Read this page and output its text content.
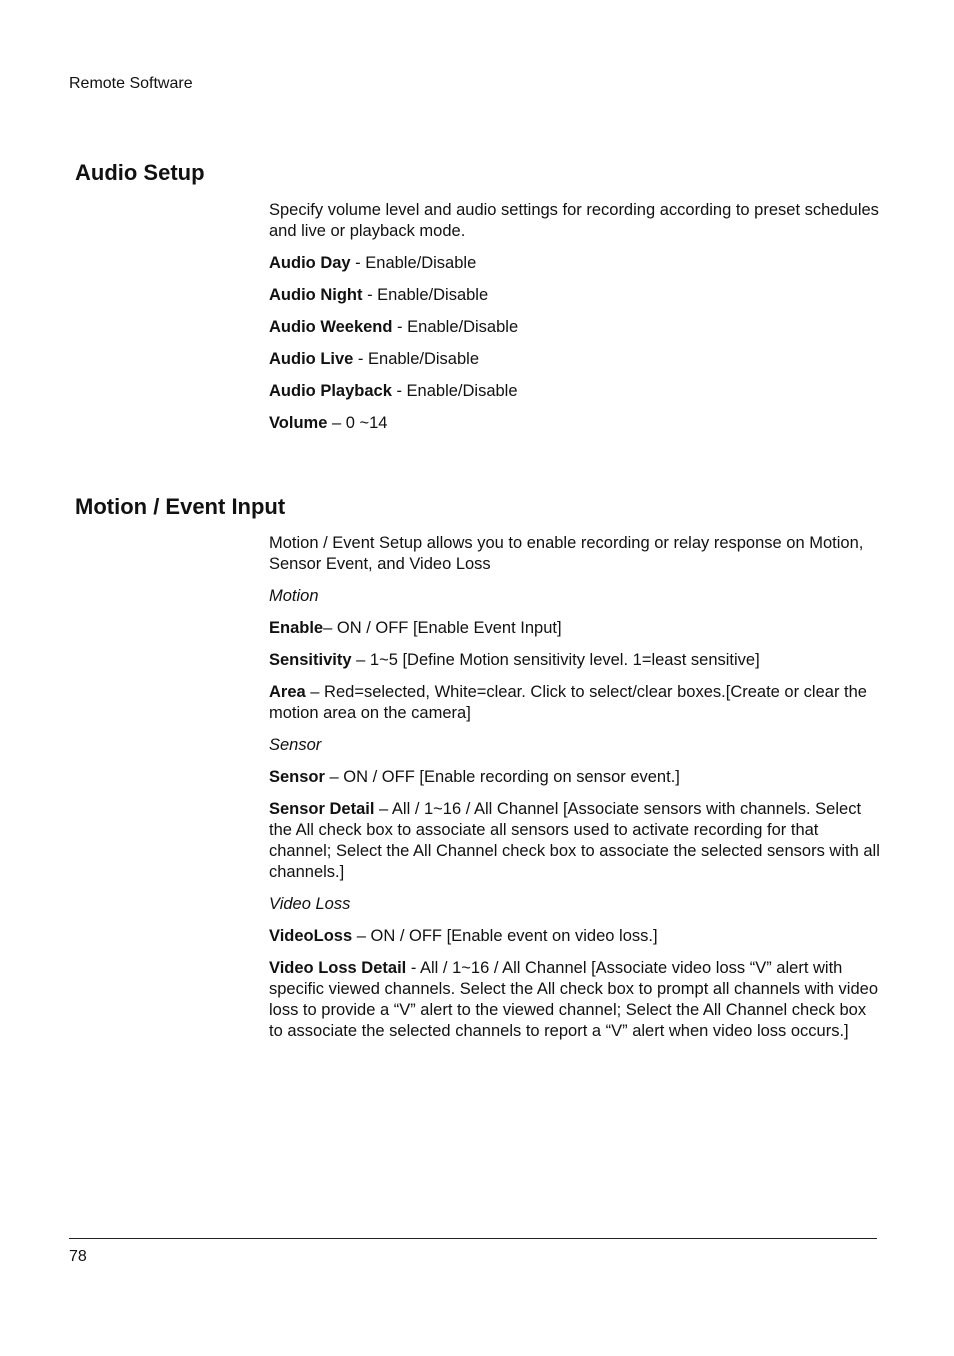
Remote Software
Audio Setup

Specify volume level and audio settings for recording according to preset schedules and live or playback mode.

Audio Day - Enable/Disable

Audio Night - Enable/Disable

Audio Weekend - Enable/Disable

Audio Live - Enable/Disable

Audio Playback - Enable/Disable

Volume – 0 ~14

Motion / Event Input

Motion / Event Setup allows you to enable recording or relay response on Motion, Sensor Event, and Video Loss

Motion

Enable– ON / OFF [Enable Event Input]

Sensitivity – 1~5 [Define Motion sensitivity level. 1=least sensitive]

Area – Red=selected, White=clear. Click to select/clear boxes.[Create or clear the motion area on the camera]

Sensor

Sensor – ON / OFF [Enable recording on sensor event.]

Sensor Detail – All / 1~16 / All Channel [Associate sensors with channels. Select the All check box to associate all sensors used to activate recording for that channel; Select the All Channel check box to associate the selected sensors with all channels.]

Video Loss

VideoLoss – ON / OFF [Enable event on video loss.]

Video Loss Detail - All / 1~16 / All Channel [Associate video loss “V” alert with specific viewed channels. Select the All check box to prompt all channels with video loss to provide a “V” alert to the viewed channel; Select the All Channel check box to associate the selected channels to report a “V” alert when video loss occurs.]

78
